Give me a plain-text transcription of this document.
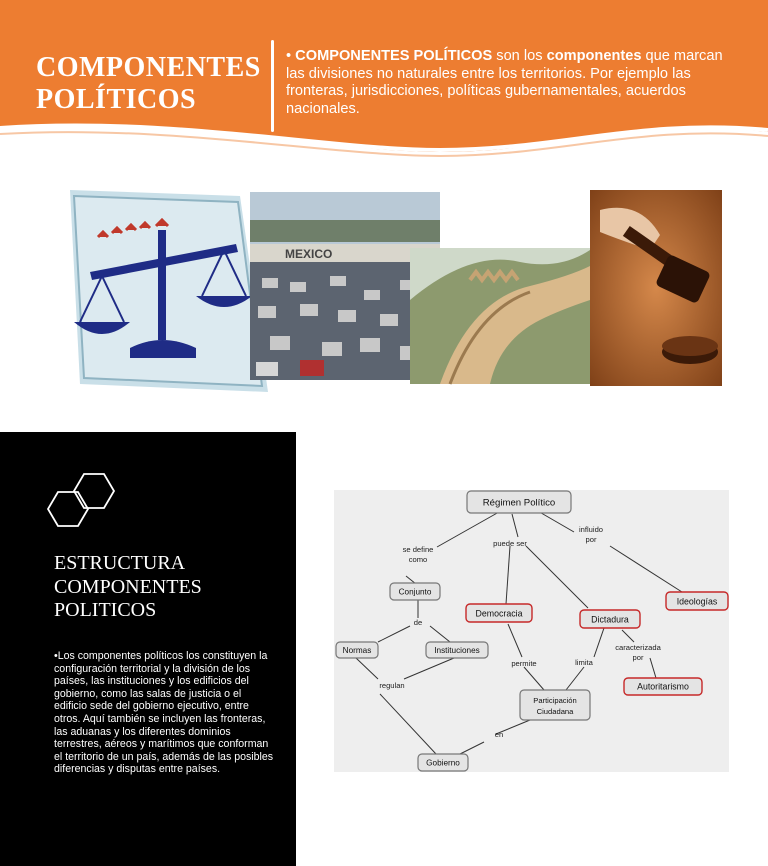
COMPONENTES POLÍTICOS
• COMPONENTES POLÍTICOS son los componentes que marcan las divisiones no naturales entre los territorios. Por ejemplo las fronteras, jurisdicciones, políticas gubernamentales, acuerdos nacionales.
MEXICO
ESTRUCTURA COMPONENTES POLITICOS
•Los componentes políticos los constituyen la configuración territorial y la división de los países, las instituciones y los edificios del gobierno, como las salas de justicia o el edificio sede del gobierno ejecutivo, entre otros. Aquí también se incluyen las fronteras, las aduanas y los diferentes dominios terrestres, aéreos y marítimos que conforman el territorio de un país, además de las posibles diferencias y disputas entre países.
se define
como
puede ser
influido
por
de
regulan
permite	limita
caracterizada
por
en
Régimen Político
Conjunto
Normas	Instituciones
Democracia
Dictadura
Ideologías
Participación
Ciudadana
Autoritarismo
Gobierno
